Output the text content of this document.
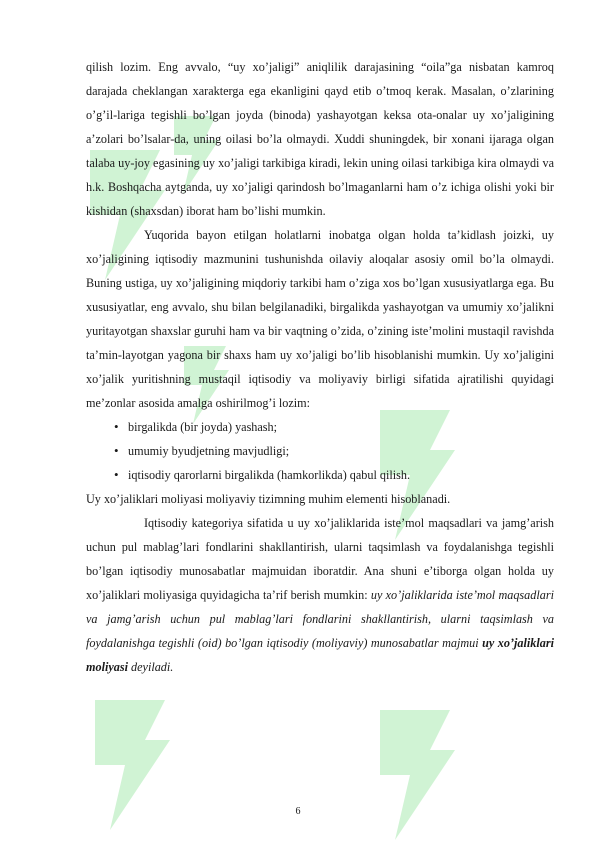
qilish lozim. Eng avvalo, “uy xo’jaligi” aniqlilik darajasining “oila”ga nisbatan kamroq darajada cheklangan xarakterga ega ekanligini qayd etib o’tmoq kerak. Masalan, o’zlarining o’g’il-lariga tegishli bo’lgan joyda (binoda) yashayotgan keksa ota-onalar uy xo’jaligining a’zolari bo’lsalar-da, uning oilasi bo’la olmaydi. Xuddi shuningdek, bir xonani ijaraga olgan talaba uy-joy egasining uy xo’jaligi tarkibiga kiradi, lekin uning oilasi tarkibiga kira olmaydi va h.k. Boshqacha aytganda, uy xo’jaligi qarindosh bo’lmaganlarni ham o’z ichiga olishi yoki bir kishidan (shaxsdan) iborat ham bo’lishi mumkin.

Yuqorida bayon etilgan holatlarni inobatga olgan holda ta’kidlash joizki, uy xo’jaligining iqtisodiy mazmunini tushunishda oilaviy aloqalar asosiy omil bo’la olmaydi. Buning ustiga, uy xo’jaligining miqdoriy tarkibi ham o’ziga xos bo’lgan xususiyatlarga ega. Bu xususiyatlar, eng avvalo, shu bilan belgilanadiki, birgalikda yashayotgan va umumiy xo’jalikni yuritayotgan shaxslar guruhi ham va bir vaqtning o’zida, o’zining iste’molini mustaqil ravishda ta’min-layotgan yagona bir shaxs ham uy xo’jaligi bo’lib hisoblanishi mumkin. Uy xo’jaligini xo’jalik yuritishning mustaqil iqtisodiy va moliyaviy birligi sifatida ajratilishi quyidagi me’zonlar asosida amalga oshirilmog’i lozim:

• birgalikda (bir joyda) yashash;
• umumiy byudjetning mavjudligi;
• iqtisodiy qarorlarni birgalikda (hamkorlikda) qabul qilish.

Uy xo’jaliklari moliyasi moliyaviy tizimning muhim elementi hisoblanadi.

Iqtisodiy kategoriya sifatida u uy xo’jaliklarida iste’mol maqsadlari va jamg’arish uchun pul mablag’lari fondlarini shakllantirish, ularni taqsimlash va foydalanishga tegishli bo’lgan iqtisodiy munosabatlar majmuidan iboratdir. Ana shuni e’tiborga olgan holda uy xo’jaliklari moliyasiga quyidagicha ta’rif berish mumkin: uy xo’jaliklarida iste’mol maqsadlari va jamg’arish uchun pul mablag’lari fondlarini shakllantirish, ularni taqsimlash va foydalanishga tegishli (oid) bo’lgan iqtisodiy (moliyaviy) munosabatlar majmui uy xo’jaliklari moliyasi deyiladi.

6
